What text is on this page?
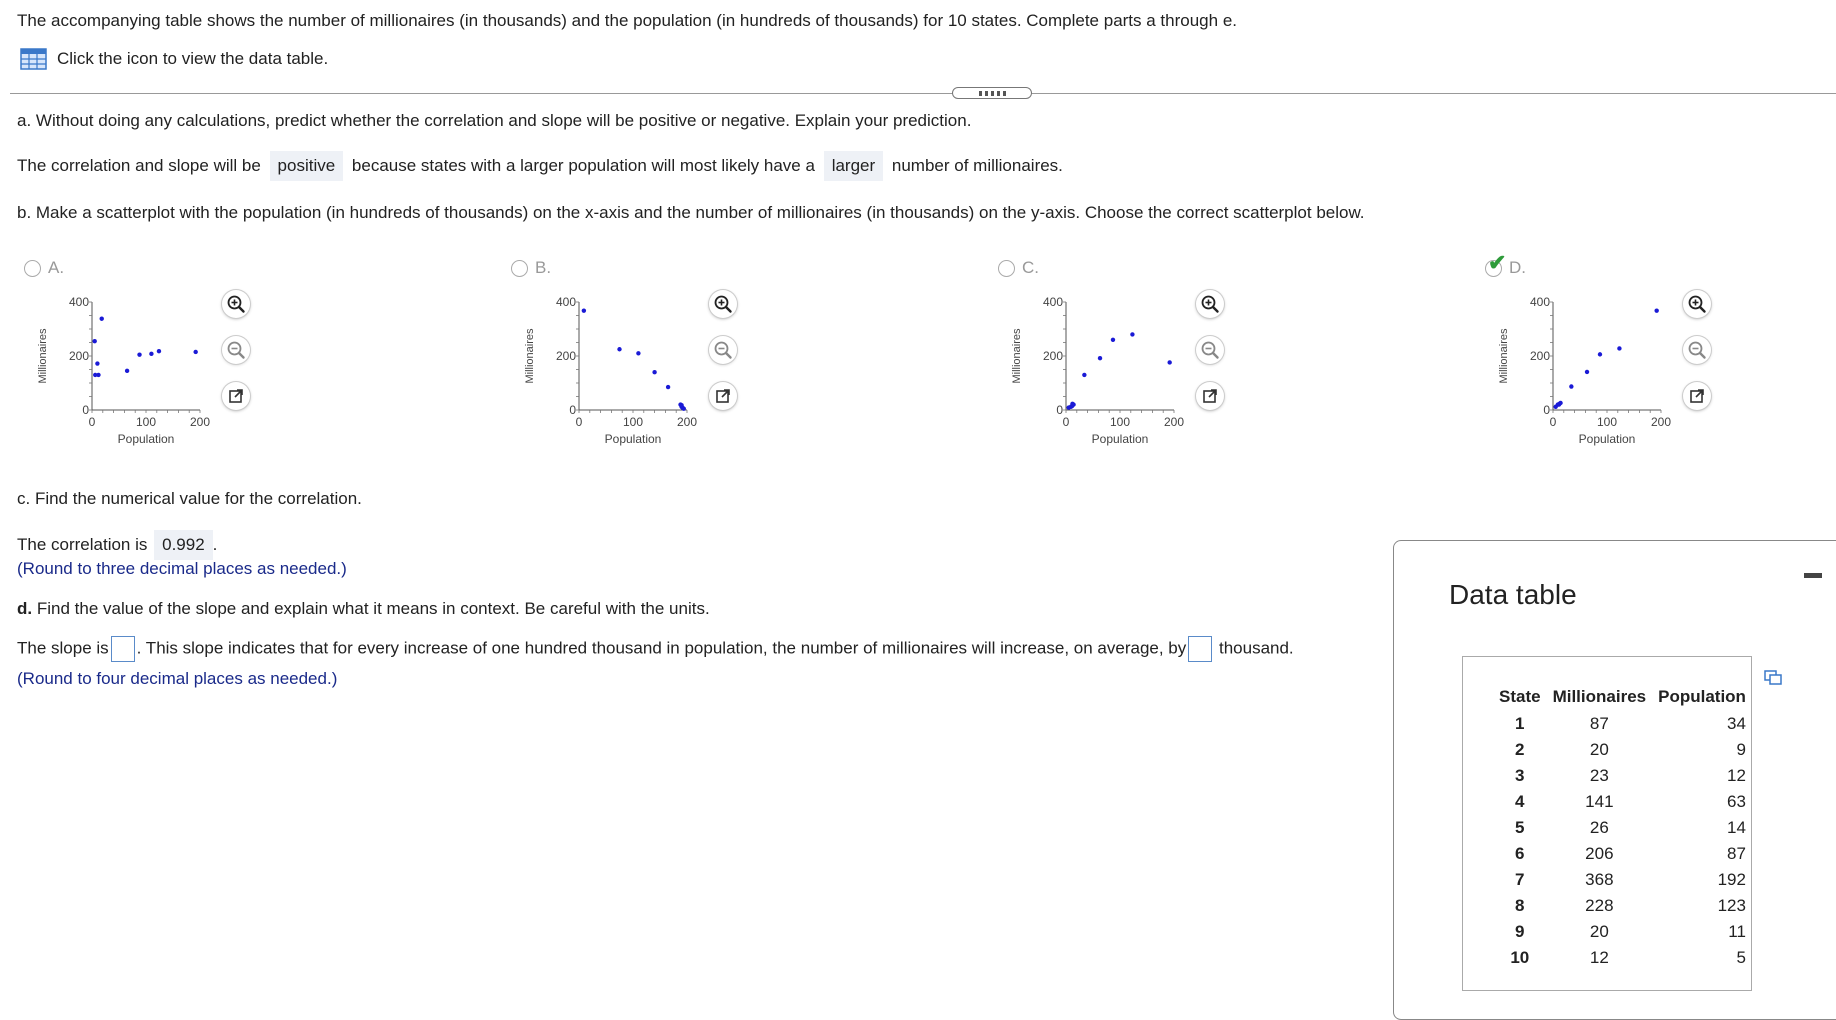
The accompanying table shows the number of millionaires (in thousands) and the population (in hundreds of thousands) for 10 states. Complete parts a through e.
Click the icon to view the data table.
a. Without doing any calculations, predict whether the correlation and slope will be positive or negative. Explain your prediction.
The correlation and slope will be positive because states with a larger population will most likely have a larger number of millionaires.
b. Make a scatterplot with the population (in hundreds of thousands) on the x-axis and the number of millionaires (in thousands) on the y-axis. Choose the correct scatterplot below.
A.
400
200
0
0	100	200
Population
Millionaires
B.
400
200
0
0	100	200
Population
Millionaires
C.
400
200
0
0	100	200
Population
Millionaires
✔ D.
400
200
0
0	100	200
Population
Millionaires
c. Find the numerical value for the correlation.
The correlation is 0.992 .
(Round to three decimal places as needed.)
d. Find the value of the slope and explain what it means in context. Be careful with the units.
The slope is . This slope indicates that for every increase of one hundred thousand in population, the number of millionaires will increase, on average, by thousand.
(Round to four decimal places as needed.)
Data table
State	Millionaires	Population
1	87	34
2	20	9
3	23	12
4	141	63
5	26	14
6	206	87
7	368	192
8	228	123
9	20	11
10	12	5
